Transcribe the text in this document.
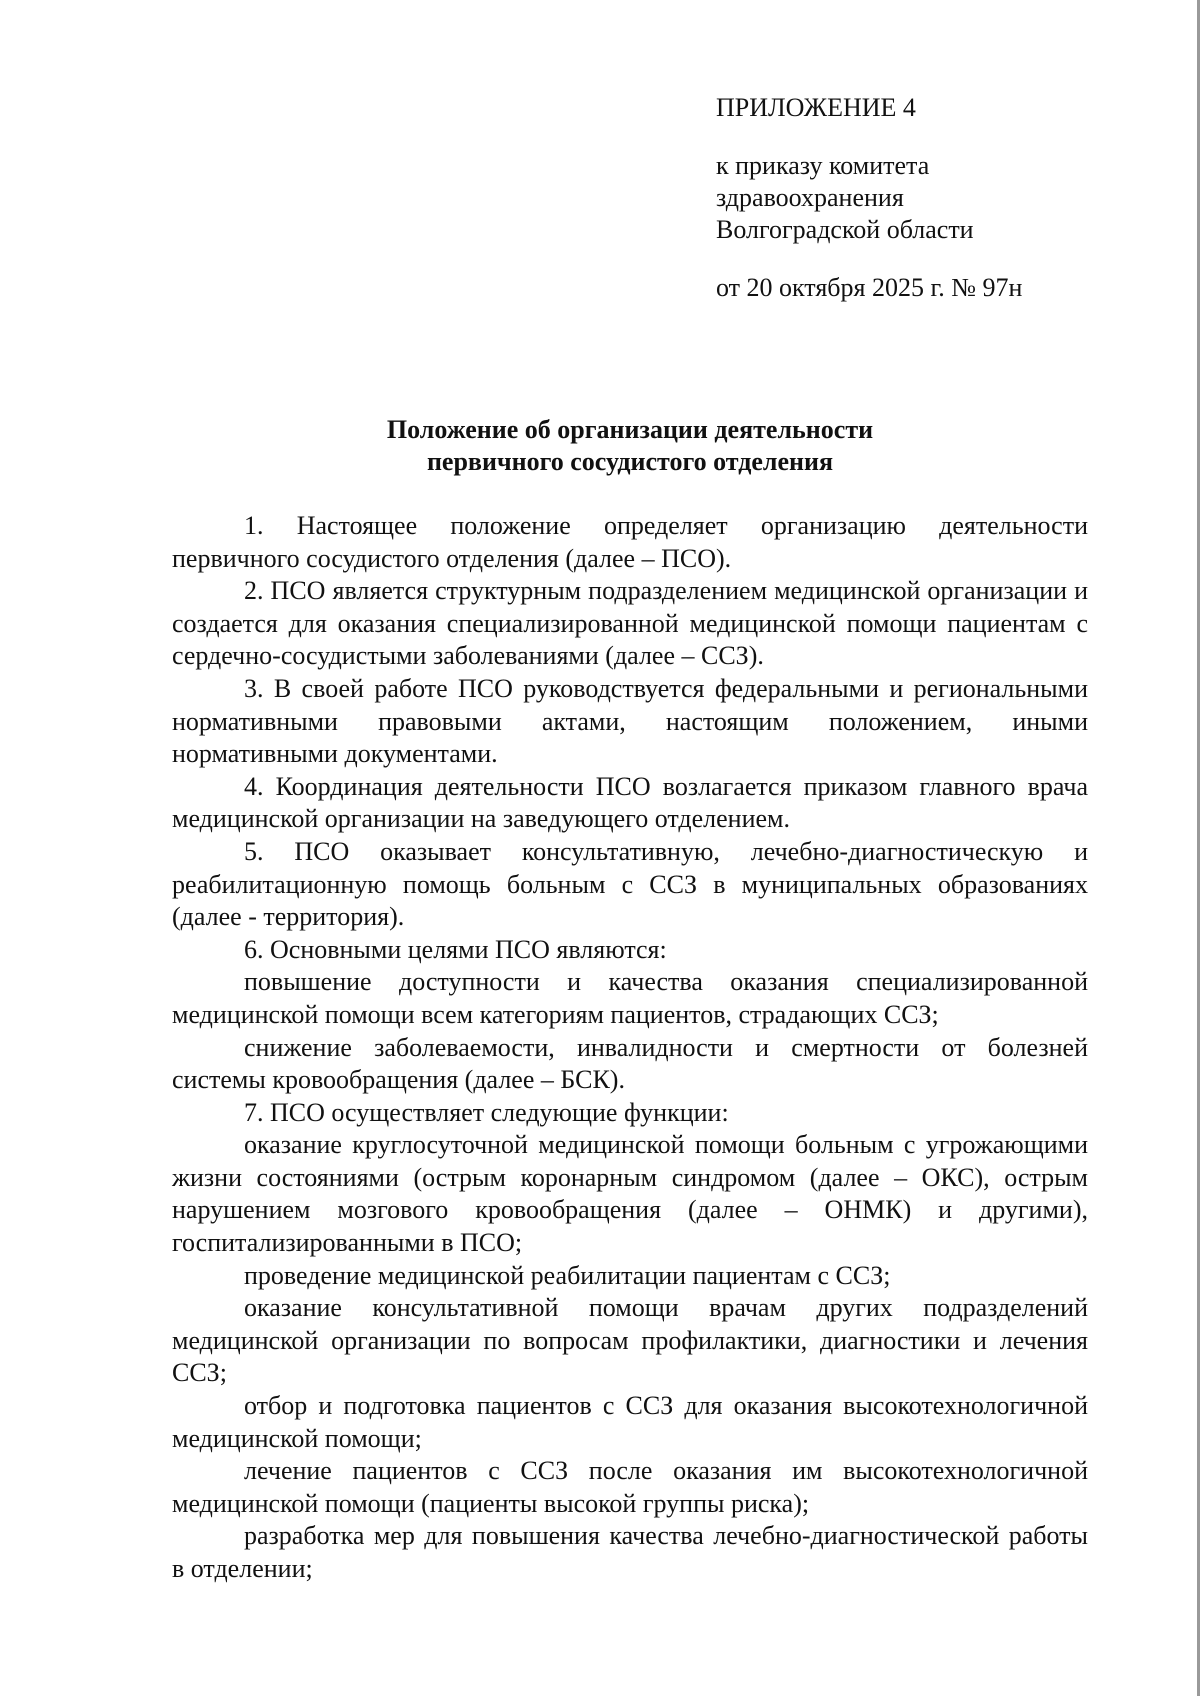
ПРИЛОЖЕНИЕ 4

к приказу комитета
здравоохранения
Волгоградской области

от 20 октября 2025 г. № 97н

Положение об организации деятельности
первичного сосудистого отделения

1. Настоящее положение определяет организацию деятельности первичного сосудистого отделения (далее – ПСО).

2. ПСО является структурным подразделением медицинской организации и создается для оказания специализированной медицинской помощи пациентам с сердечно-сосудистыми заболеваниями (далее – ССЗ).

3. В своей работе ПСО руководствуется федеральными и региональными нормативными правовыми актами, настоящим положением, иными нормативными документами.

4. Координация деятельности ПСО возлагается приказом главного врача медицинской организации на заведующего отделением.

5. ПСО оказывает консультативную, лечебно-диагностическую и реабилитационную помощь больным с ССЗ в муниципальных образованиях (далее - территория).

6. Основными целями ПСО являются:

повышение доступности и качества оказания специализированной медицинской помощи всем категориям пациентов, страдающих ССЗ;

снижение заболеваемости, инвалидности и смертности от болезней системы кровообращения (далее – БСК).

7. ПСО осуществляет следующие функции:

оказание круглосуточной медицинской помощи больным с угрожающими жизни состояниями (острым коронарным синдромом (далее – ОКС), острым нарушением мозгового кровообращения (далее – ОНМК) и другими), госпитализированными в ПСО;

проведение медицинской реабилитации пациентам с ССЗ;

оказание консультативной помощи врачам других подразделений медицинской организации по вопросам профилактики, диагностики и лечения ССЗ;

отбор и подготовка пациентов с ССЗ для оказания высокотехнологичной медицинской помощи;

лечение пациентов с ССЗ после оказания им высокотехнологичной медицинской помощи (пациенты высокой группы риска);

разработка мер для повышения качества лечебно-диагностической работы в отделении;
